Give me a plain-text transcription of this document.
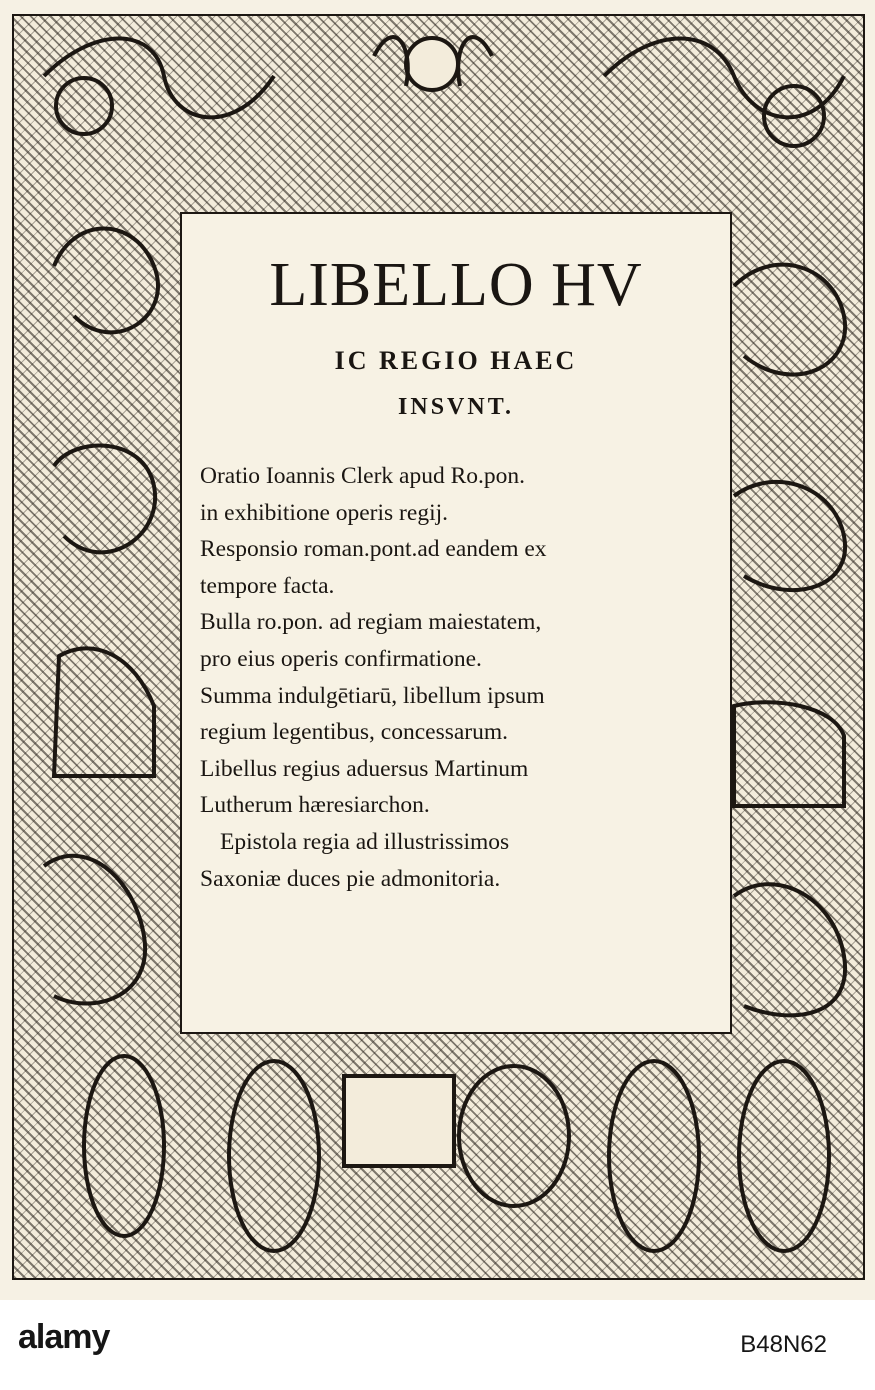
LIBELLO HV
IC REGIO HAEC
INSVNT.
Oratio Ioannis Clerk apud Ro.pon.
in exhibitione operis regij.
Responsio roman.pont.ad eandem ex
tempore facta.
Bulla ro.pon. ad regiam maiestatem,
pro eius operis confirmatione.
Summa indulgētiarū, libellum ipsum
regium legentibus, concessarum.
Libellus regius aduersus Martinum
Lutherum hæresiarchon.
Epistola regia ad illustrissimos
Saxoniæ duces pie admonitoria.
alamy	B48N62
